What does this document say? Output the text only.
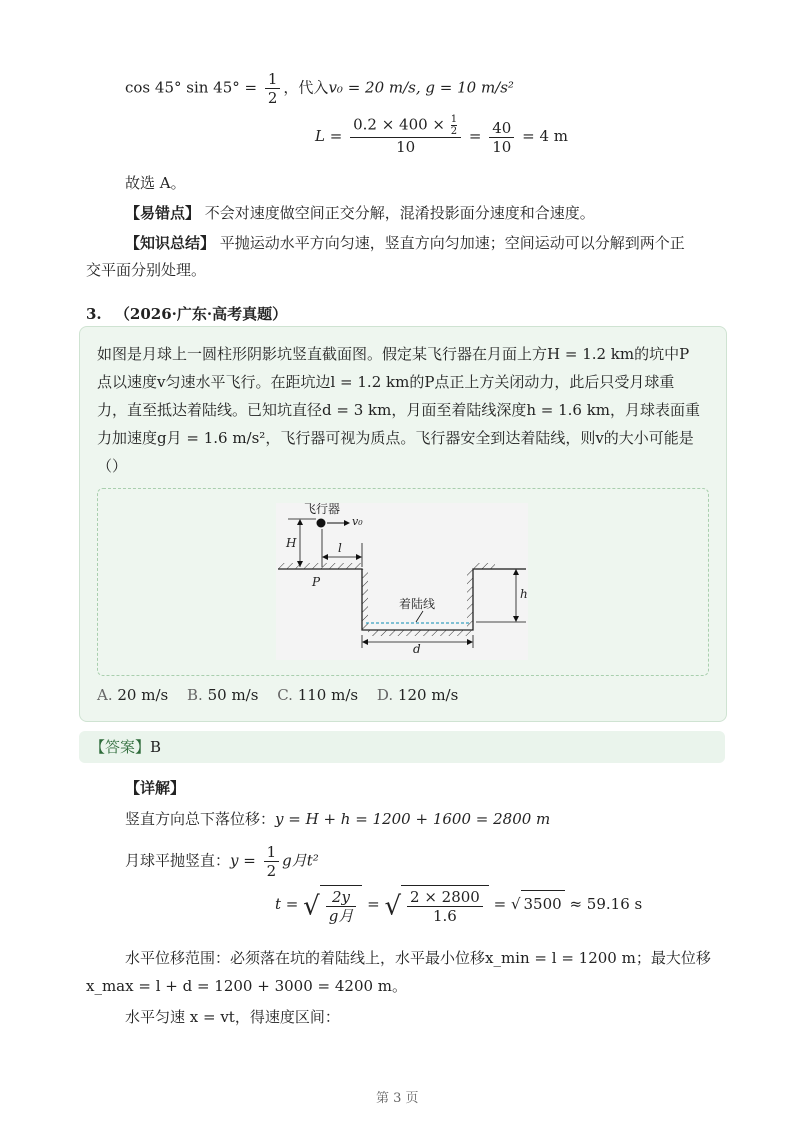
cos 45° $\sin 45^\circ = \frac{1}{2}$ ，代入v₀ = 20 m/s, g = 10 m/s²
$L = \frac{0.2 \times 400 \times \frac{1}{2}}{10} = \frac{40}{10} = 4$ m
故选 A。
【易错点】 不会对速度做空间正交分解，混淆投影面分速度和合速度。
【知识总结】 平抛运动水平方向匀速，竖直方向匀加速；空间运动可以分解到两个正
交平面分别处理。
3. （2026·广东·高考真题）
如图是月球上一圆柱形阴影坑竖直截面图。假定某飞行器在月面上方H = 1.2 km的坑中P
点以速度v匀速水平飞行。在距坑边l = 1.2 km的P点正上方关闭动力，此后只受月球重
力，直至抵达着陆线。已知坑直径d = 3 km，月面至着陆线深度h = 1.6 km，月球表面重
力加速度g月 = 1.6 m/s²，飞行器可视为质点。飞行器安全到达着陆线，则v的大小可能是
（）
飞行器
v₀
H	l
P
着陆线
h
d
A. 20 m/s B. 50 m/s C. 110 m/s D. 120 m/s
【答案】B
【详解】
竖直方向总下落位移：y = H + h = 1200 + 1600 = 2800 m
月球平抛竖直：$y = \frac{1}{2}$ g月t²
t = √ $\frac{2y}{\text{g月}}$ = √ $\frac{2 \times 2800}{1.6}$ = √ 3500 ≈ 59.16 s
水平位移范围：必须落在坑的着陆线上，水平最小位移x_min = l = 1200 m；最大位移
x_max = l + d = 1200 + 3000 = 4200 m。
水平匀速 x = vt，得速度区间：
第 3 页
